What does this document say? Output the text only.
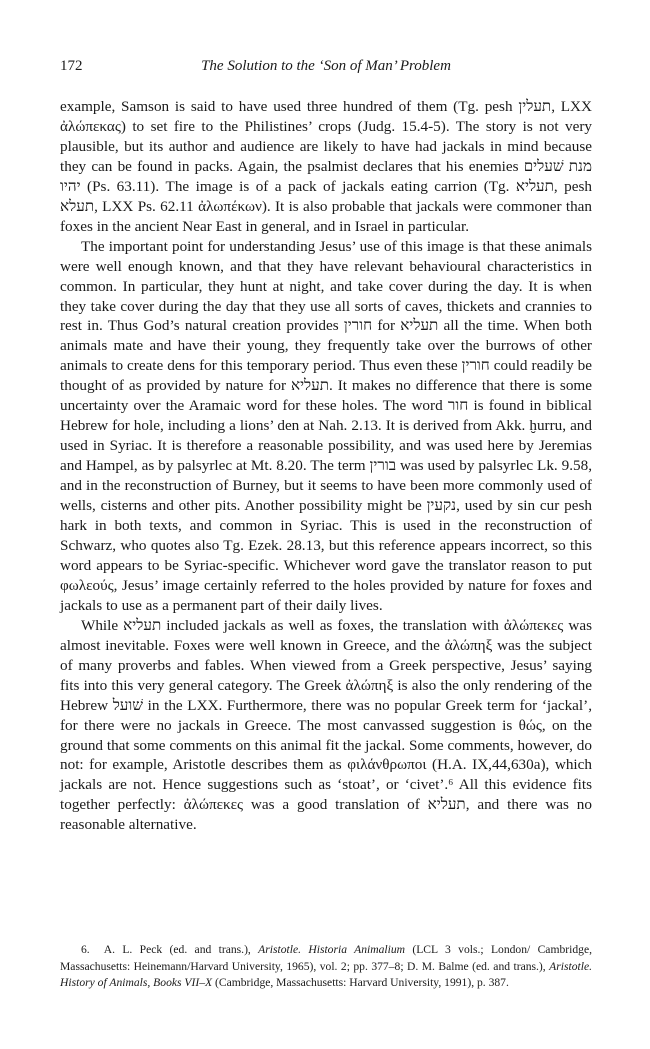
172	The Solution to the ‘Son of Man’ Problem

example, Samson is said to have used three hundred of them (Tg. pesh תעלין, LXX ἀλώπεκας) to set fire to the Philistines’ crops (Judg. 15.4-5). The story is not very plausible, but its author and audience are likely to have had jackals in mind because they can be found in packs. Again, the psalmist declares that his enemies מנת שׁעלים יהיו (Ps. 63.11). The image is of a pack of jackals eating carrion (Tg. תעליא, pesh תעלא, LXX Ps. 62.11 ἀλωπέκων). It is also probable that jackals were commoner than foxes in the ancient Near East in general, and in Israel in particular.

The important point for understanding Jesus’ use of this image is that these animals were well enough known, and that they have relevant behavioural characteristics in common. In particular, they hunt at night, and take cover during the day. It is when they take cover during the day that they use all sorts of caves, thickets and crannies to rest in. Thus God’s natural creation provides חורין for תעליא all the time. When both animals mate and have their young, they frequently take over the burrows of other animals to create dens for this temporary period. Thus even these חורין could readily be thought of as provided by nature for תעליא. It makes no difference that there is some uncertainty over the Aramaic word for these holes. The word חור is found in biblical Hebrew for hole, including a lions’ den at Nah. 2.13. It is derived from Akk. ḫurru, and used in Syriac. It is therefore a reasonable possibility, and was used here by Jeremias and Hampel, as by palsyrlec at Mt. 8.20. The term בורין was used by palsyrlec Lk. 9.58, and in the reconstruction of Burney, but it seems to have been more commonly used of wells, cisterns and other pits. Another possibility might be נקעין, used by sin cur pesh hark in both texts, and common in Syriac. This is used in the reconstruction of Schwarz, who quotes also Tg. Ezek. 28.13, but this reference appears incorrect, so this word appears to be Syriac-specific. Whichever word gave the translator reason to put φωλεούς, Jesus’ image certainly referred to the holes provided by nature for foxes and jackals to use as a permanent part of their daily lives.

While תעליא included jackals as well as foxes, the translation with ἀλώπεκες was almost inevitable. Foxes were well known in Greece, and the ἀλώπηξ was the subject of many proverbs and fables. When viewed from a Greek perspective, Jesus’ saying fits into this very general category. The Greek ἀλώπηξ is also the only rendering of the Hebrew שׁועל in the LXX. Furthermore, there was no popular Greek term for ‘jackal’, for there were no jackals in Greece. The most canvassed suggestion is θώς, on the ground that some comments on this animal fit the jackal. Some comments, however, do not: for example, Aristotle describes them as φιλάνθρωποι (H.A. IX,44,630a), which jackals are not. Hence suggestions such as ‘stoat’, or ‘civet’.⁶ All this evidence fits together perfectly: ἀλώπεκες was a good translation of תעליא, and there was no reasonable alternative.

6. A. L. Peck (ed. and trans.), Aristotle. Historia Animalium (LCL 3 vols.; London/ Cambridge, Massachusetts: Heinemann/Harvard University, 1965), vol. 2; pp. 377–8; D. M. Balme (ed. and trans.), Aristotle. History of Animals, Books VII–X (Cambridge, Massachusetts: Harvard University, 1991), p. 387.
